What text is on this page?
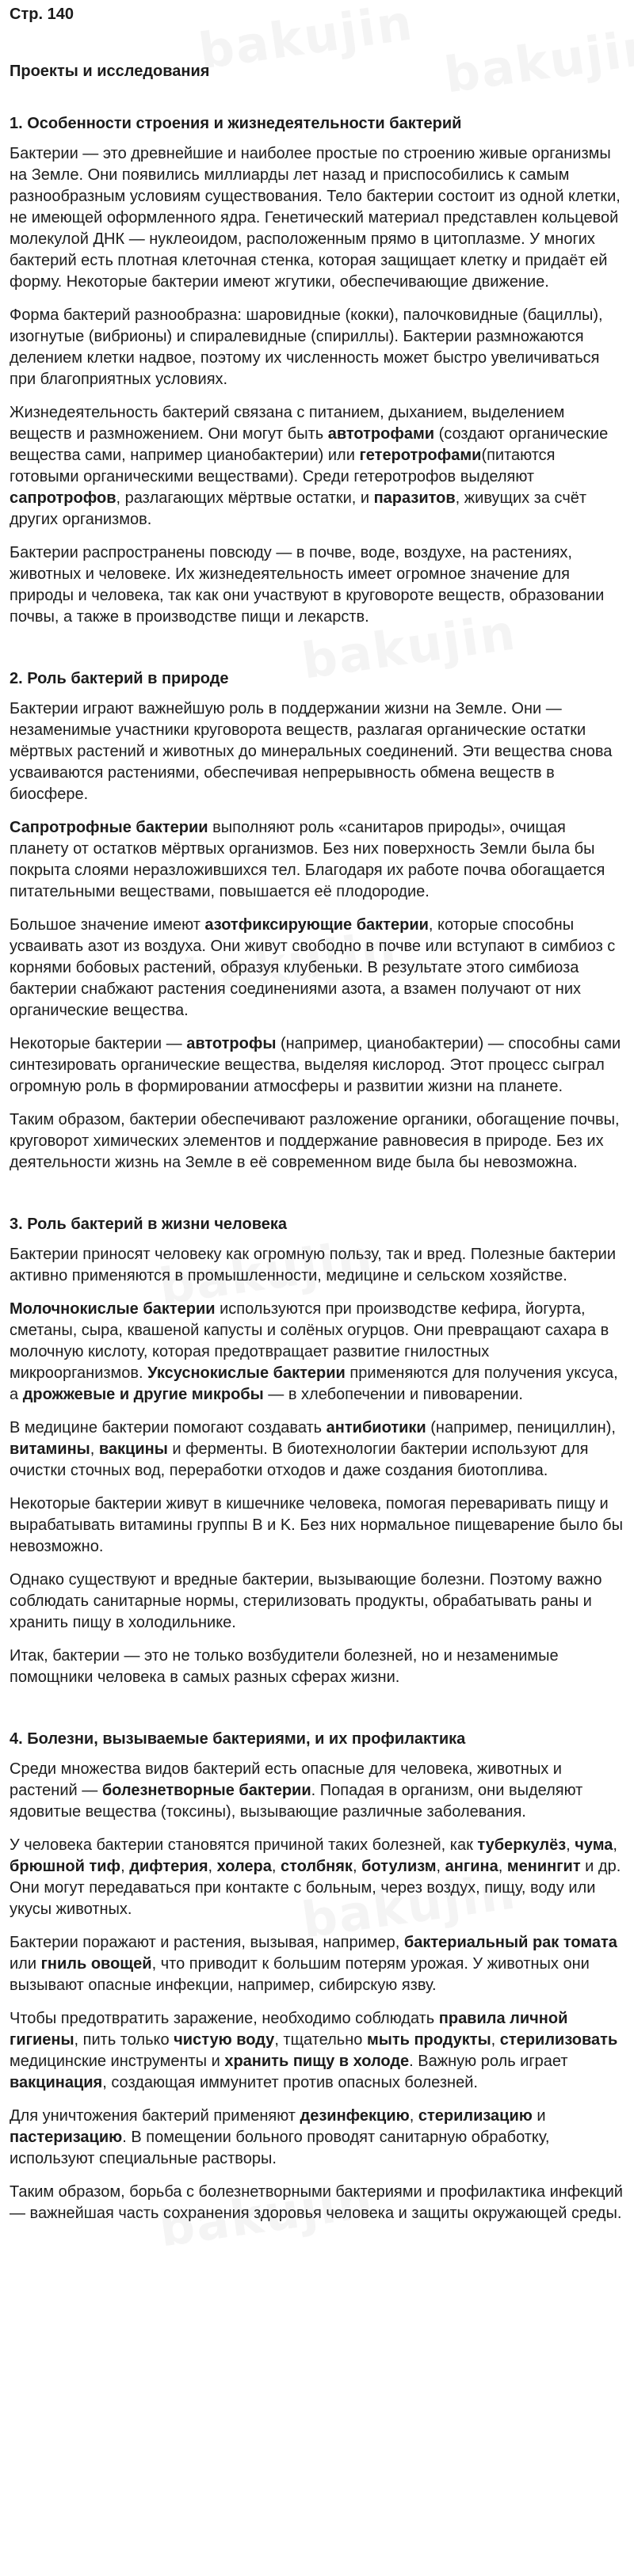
Стр. 140
Проекты и исследования
1. Особенности строения и жизнедеятельности бактерий

Бактерии — это древнейшие и наиболее простые по строению живые организмы на Земле. Они появились миллиарды лет назад и приспособились к самым разнообразным условиям существования. Тело бактерии состоит из одной клетки, не имеющей оформленного ядра. Генетический материал представлен кольцевой молекулой ДНК — нуклеоидом, расположенным прямо в цитоплазме. У многих бактерий есть плотная клеточная стенка, которая защищает клетку и придаёт ей форму. Некоторые бактерии имеют жгутики, обеспечивающие движение.

Форма бактерий разнообразна: шаровидные (кокки), палочковидные (бациллы), изогнутые (вибрионы) и спиралевидные (спириллы). Бактерии размножаются делением клетки надвое, поэтому их численность может быстро увеличиваться при благоприятных условиях.

Жизнедеятельность бактерий связана с питанием, дыханием, выделением веществ и размножением. Они могут быть автотрофами (создают органические вещества сами, например цианобактерии) или гетеротрофами(питаются готовыми органическими веществами). Среди гетеротрофов выделяют сапротрофов, разлагающих мёртвые остатки, и паразитов, живущих за счёт других организмов.

Бактерии распространены повсюду — в почве, воде, воздухе, на растениях, животных и человеке. Их жизнедеятельность имеет огромное значение для природы и человека, так как они участвуют в круговороте веществ, образовании почвы, а также в производстве пищи и лекарств.

2. Роль бактерий в природе

Бактерии играют важнейшую роль в поддержании жизни на Земле. Они — незаменимые участники круговорота веществ, разлагая органические остатки мёртвых растений и животных до минеральных соединений. Эти вещества снова усваиваются растениями, обеспечивая непрерывность обмена веществ в биосфере.

Сапротрофные бактерии выполняют роль «санитаров природы», очищая планету от остатков мёртвых организмов. Без них поверхность Земли была бы покрыта слоями неразложившихся тел. Благодаря их работе почва обогащается питательными веществами, повышается её плодородие.

Большое значение имеют азотфиксирующие бактерии, которые способны усваивать азот из воздуха. Они живут свободно в почве или вступают в симбиоз с корнями бобовых растений, образуя клубеньки. В результате этого симбиоза бактерии снабжают растения соединениями азота, а взамен получают от них органические вещества.

Некоторые бактерии — автотрофы (например, цианобактерии) — способны сами синтезировать органические вещества, выделяя кислород. Этот процесс сыграл огромную роль в формировании атмосферы и развитии жизни на планете.

Таким образом, бактерии обеспечивают разложение органики, обогащение почвы, круговорот химических элементов и поддержание равновесия в природе. Без их деятельности жизнь на Земле в её современном виде была бы невозможна.

3. Роль бактерий в жизни человека

Бактерии приносят человеку как огромную пользу, так и вред. Полезные бактерии активно применяются в промышленности, медицине и сельском хозяйстве.

Молочнокислые бактерии используются при производстве кефира, йогурта, сметаны, сыра, квашеной капусты и солёных огурцов. Они превращают сахара в молочную кислоту, которая предотвращает развитие гнилостных микроорганизмов. Уксуснокислые бактерии применяются для получения уксуса, а дрожжевые и другие микробы — в хлебопечении и пивоварении.

В медицине бактерии помогают создавать антибиотики (например, пенициллин), витамины, вакцины и ферменты. В биотехнологии бактерии используют для очистки сточных вод, переработки отходов и даже создания биотоплива.

Некоторые бактерии живут в кишечнике человека, помогая переваривать пищу и вырабатывать витамины группы B и K. Без них нормальное пищеварение было бы невозможно.

Однако существуют и вредные бактерии, вызывающие болезни. Поэтому важно соблюдать санитарные нормы, стерилизовать продукты, обрабатывать раны и хранить пищу в холодильнике.

Итак, бактерии — это не только возбудители болезней, но и незаменимые помощники человека в самых разных сферах жизни.

4. Болезни, вызываемые бактериями, и их профилактика

Среди множества видов бактерий есть опасные для человека, животных и растений — болезнетворные бактерии. Попадая в организм, они выделяют ядовитые вещества (токсины), вызывающие различные заболевания.

У человека бактерии становятся причиной таких болезней, как туберкулёз, чума, брюшной тиф, дифтерия, холера, столбняк, ботулизм, ангина, менингит и др. Они могут передаваться при контакте с больным, через воздух, пищу, воду или укусы животных.

Бактерии поражают и растения, вызывая, например, бактериальный рак томата или гниль овощей, что приводит к большим потерям урожая. У животных они вызывают опасные инфекции, например, сибирскую язву.

Чтобы предотвратить заражение, необходимо соблюдать правила личной гигиены, пить только чистую воду, тщательно мыть продукты, стерилизовать медицинские инструменты и хранить пищу в холоде. Важную роль играет вакцинация, создающая иммунитет против опасных болезней.

Для уничтожения бактерий применяют дезинфекцию, стерилизацию и пастеризацию. В помещении больного проводят санитарную обработку, используют специальные растворы.

Таким образом, борьба с болезнетворными бактериями и профилактика инфекций — важнейшая часть сохранения здоровья человека и защиты окружающей среды.
